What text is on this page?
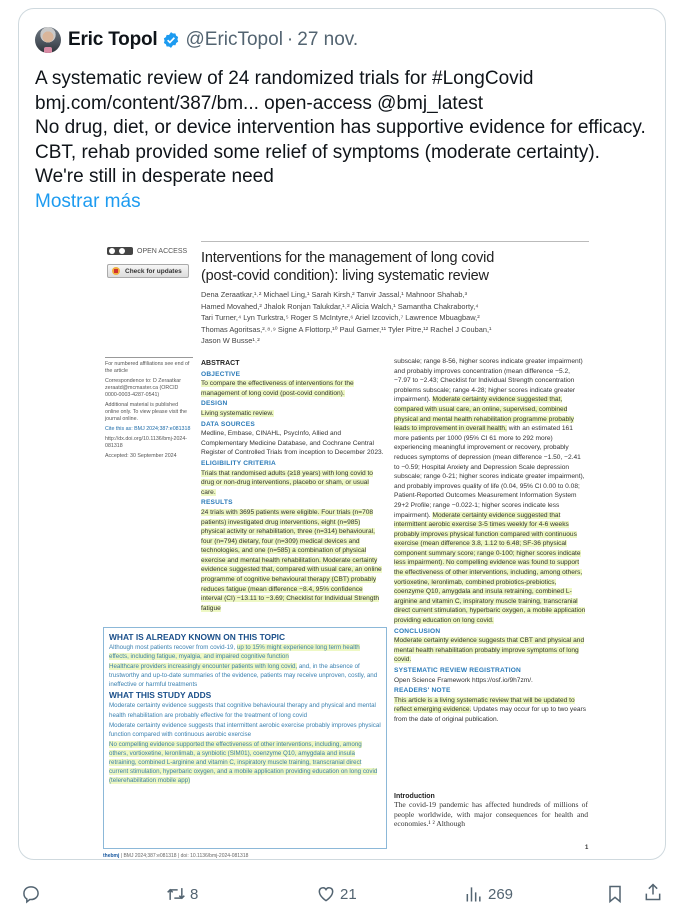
Eric Topol @EricTopol · 27 nov.
A systematic review of 24 randomized trials for #LongCovid
bmj.com/content/387/bm... open-access @bmj_latest
No drug, diet, or device intervention has supportive evidence for efficacy.
CBT, rehab provided some relief of symptoms (moderate certainty).
We're still in desperate need
Mostrar más
OPEN ACCESS
Check for updates
Interventions for the management of long covid
(post-covid condition): living systematic review
Dena Zeraatkar,¹˒² Michael Ling,¹ Sarah Kirsh,² Tanvir Jassal,¹ Mahnoor Shahab,³
Hamed Movahed,² Jhalok Ronjan Talukdar,¹˒² Alicia Walch,¹ Samantha Chakraborty,⁴
Tari Turner,⁴ Lyn Turkstra,⁵ Roger S McIntyre,⁶ Ariel Izcovich,⁷ Lawrence Mbuagbaw,²
Thomas Agoritsas,²˒⁸˒⁹ Signe A Flottorp,¹⁰ Paul Garner,¹¹ Tyler Pitre,¹² Rachel J Couban,¹
Jason W Busse¹˒²

For numbered affiliations see end of the article

Correspondence to: D Zeraatkar zeraatd@mcmaster.ca (ORCID 0000-0003-4287-0541)

Additional material is published online only. To view please visit the journal online.

Cite this as: BMJ 2024;387:e081318

http://dx.doi.org/10.1136/bmj-2024-081318

Accepted: 30 September 2024

ABSTRACT
OBJECTIVE
To compare the effectiveness of interventions for the management of long covid (post-covid condition).
DESIGN
Living systematic review.
DATA SOURCES
Medline, Embase, CINAHL, PsycInfo, Allied and Complementary Medicine Database, and Cochrane Central Register of Controlled Trials from inception to December 2023.
ELIGIBILITY CRITERIA
Trials that randomised adults (≥18 years) with long covid to drug or non-drug interventions, placebo or sham, or usual care.
RESULTS
24 trials with 3695 patients were eligible. Four trials (n=708 patients) investigated drug interventions, eight (n=985) physical activity or rehabilitation, three (n=314) behavioural, four (n=794) dietary, four (n=309) medical devices and technologies, and one (n=585) a combination of physical exercise and mental health rehabilitation. Moderate certainty evidence suggested that, compared with usual care, an online programme of cognitive behavioural therapy (CBT) probably reduces fatigue (mean difference −8.4, 95% confidence interval (CI) −13.11 to −3.69; Checklist for Individual Strength fatigue
subscale; range 8-56, higher scores indicate greater impairment) and probably improves concentration (mean difference −5.2, −7.97 to −2.43; Checklist for Individual Strength concentration problems subscale; range 4-28; higher scores indicate greater impairment). Moderate certainty evidence suggested that, compared with usual care, an online, supervised, combined physical and mental health rehabilitation programme probably leads to improvement in overall health, with an estimated 161 more patients per 1000 (95% CI 61 more to 292 more) experiencing meaningful improvement or recovery, probably reduces symptoms of depression (mean difference −1.50, −2.41 to −0.59; Hospital Anxiety and Depression Scale depression subscale; range 0-21; higher scores indicate greater impairment), and probably improves quality of life (0.04, 95% CI 0.00 to 0.08; Patient-Reported Outcomes Measurement Information System 29+2 Profile; range −0.022-1; higher scores indicate less impairment). Moderate certainty evidence suggested that intermittent aerobic exercise 3-5 times weekly for 4-6 weeks probably improves physical function compared with continuous exercise (mean difference 3.8, 1.12 to 6.48; SF-36 physical component summary score; range 0-100; higher scores indicate less impairment). No compelling evidence was found to support the effectiveness of other interventions, including, among others, vortioxetine, leronlimab, combined probiotics-prebiotics, coenzyme Q10, amygdala and insula retraining, combined L-arginine and vitamin C, inspiratory muscle training, transcranial direct current stimulation, hyperbaric oxygen, a mobile application providing education on long covid.
CONCLUSION
Moderate certainty evidence suggests that CBT and physical and mental health rehabilitation probably improve symptoms of long covid.
SYSTEMATIC REVIEW REGISTRATION
Open Science Framework https://osf.io/9h7zm/.
READERS' NOTE
This article is a living systematic review that will be updated to reflect emerging evidence. Updates may occur for up to two years from the date of original publication.
Introduction
The covid-19 pandemic has affected hundreds of millions of people worldwide, with major consequences for health and economies.¹ ² Although
WHAT IS ALREADY KNOWN ON THIS TOPIC

Although most patients recover from covid-19, up to 15% might experience long term health effects, including fatigue, myalgia, and impaired cognitive function

Healthcare providers increasingly encounter patients with long covid, and, in the absence of trustworthy and up-to-date summaries of the evidence, patients may receive unproven, costly, and ineffective or harmful treatments

WHAT THIS STUDY ADDS

Moderate certainty evidence suggests that cognitive behavioural therapy and physical and mental health rehabilitation are probably effective for the treatment of long covid

Moderate certainty evidence suggests that intermittent aerobic exercise probably improves physical function compared with continuous aerobic exercise

No compelling evidence supported the effectiveness of other interventions, including, among others, vortioxetine, leronlimab, a synbiotic (SIM01), coenzyme Q10, amygdala and insula retraining, combined L-arginine and vitamin C, inspiratory muscle training, transcranial direct current stimulation, hyperbaric oxygen, and a mobile application providing education on long covid (telerehabilitation mobile app)

1
thebmj | BMJ 2024;387:e081318 | doi: 10.1136/bmj-2024-081318
8	21	269
